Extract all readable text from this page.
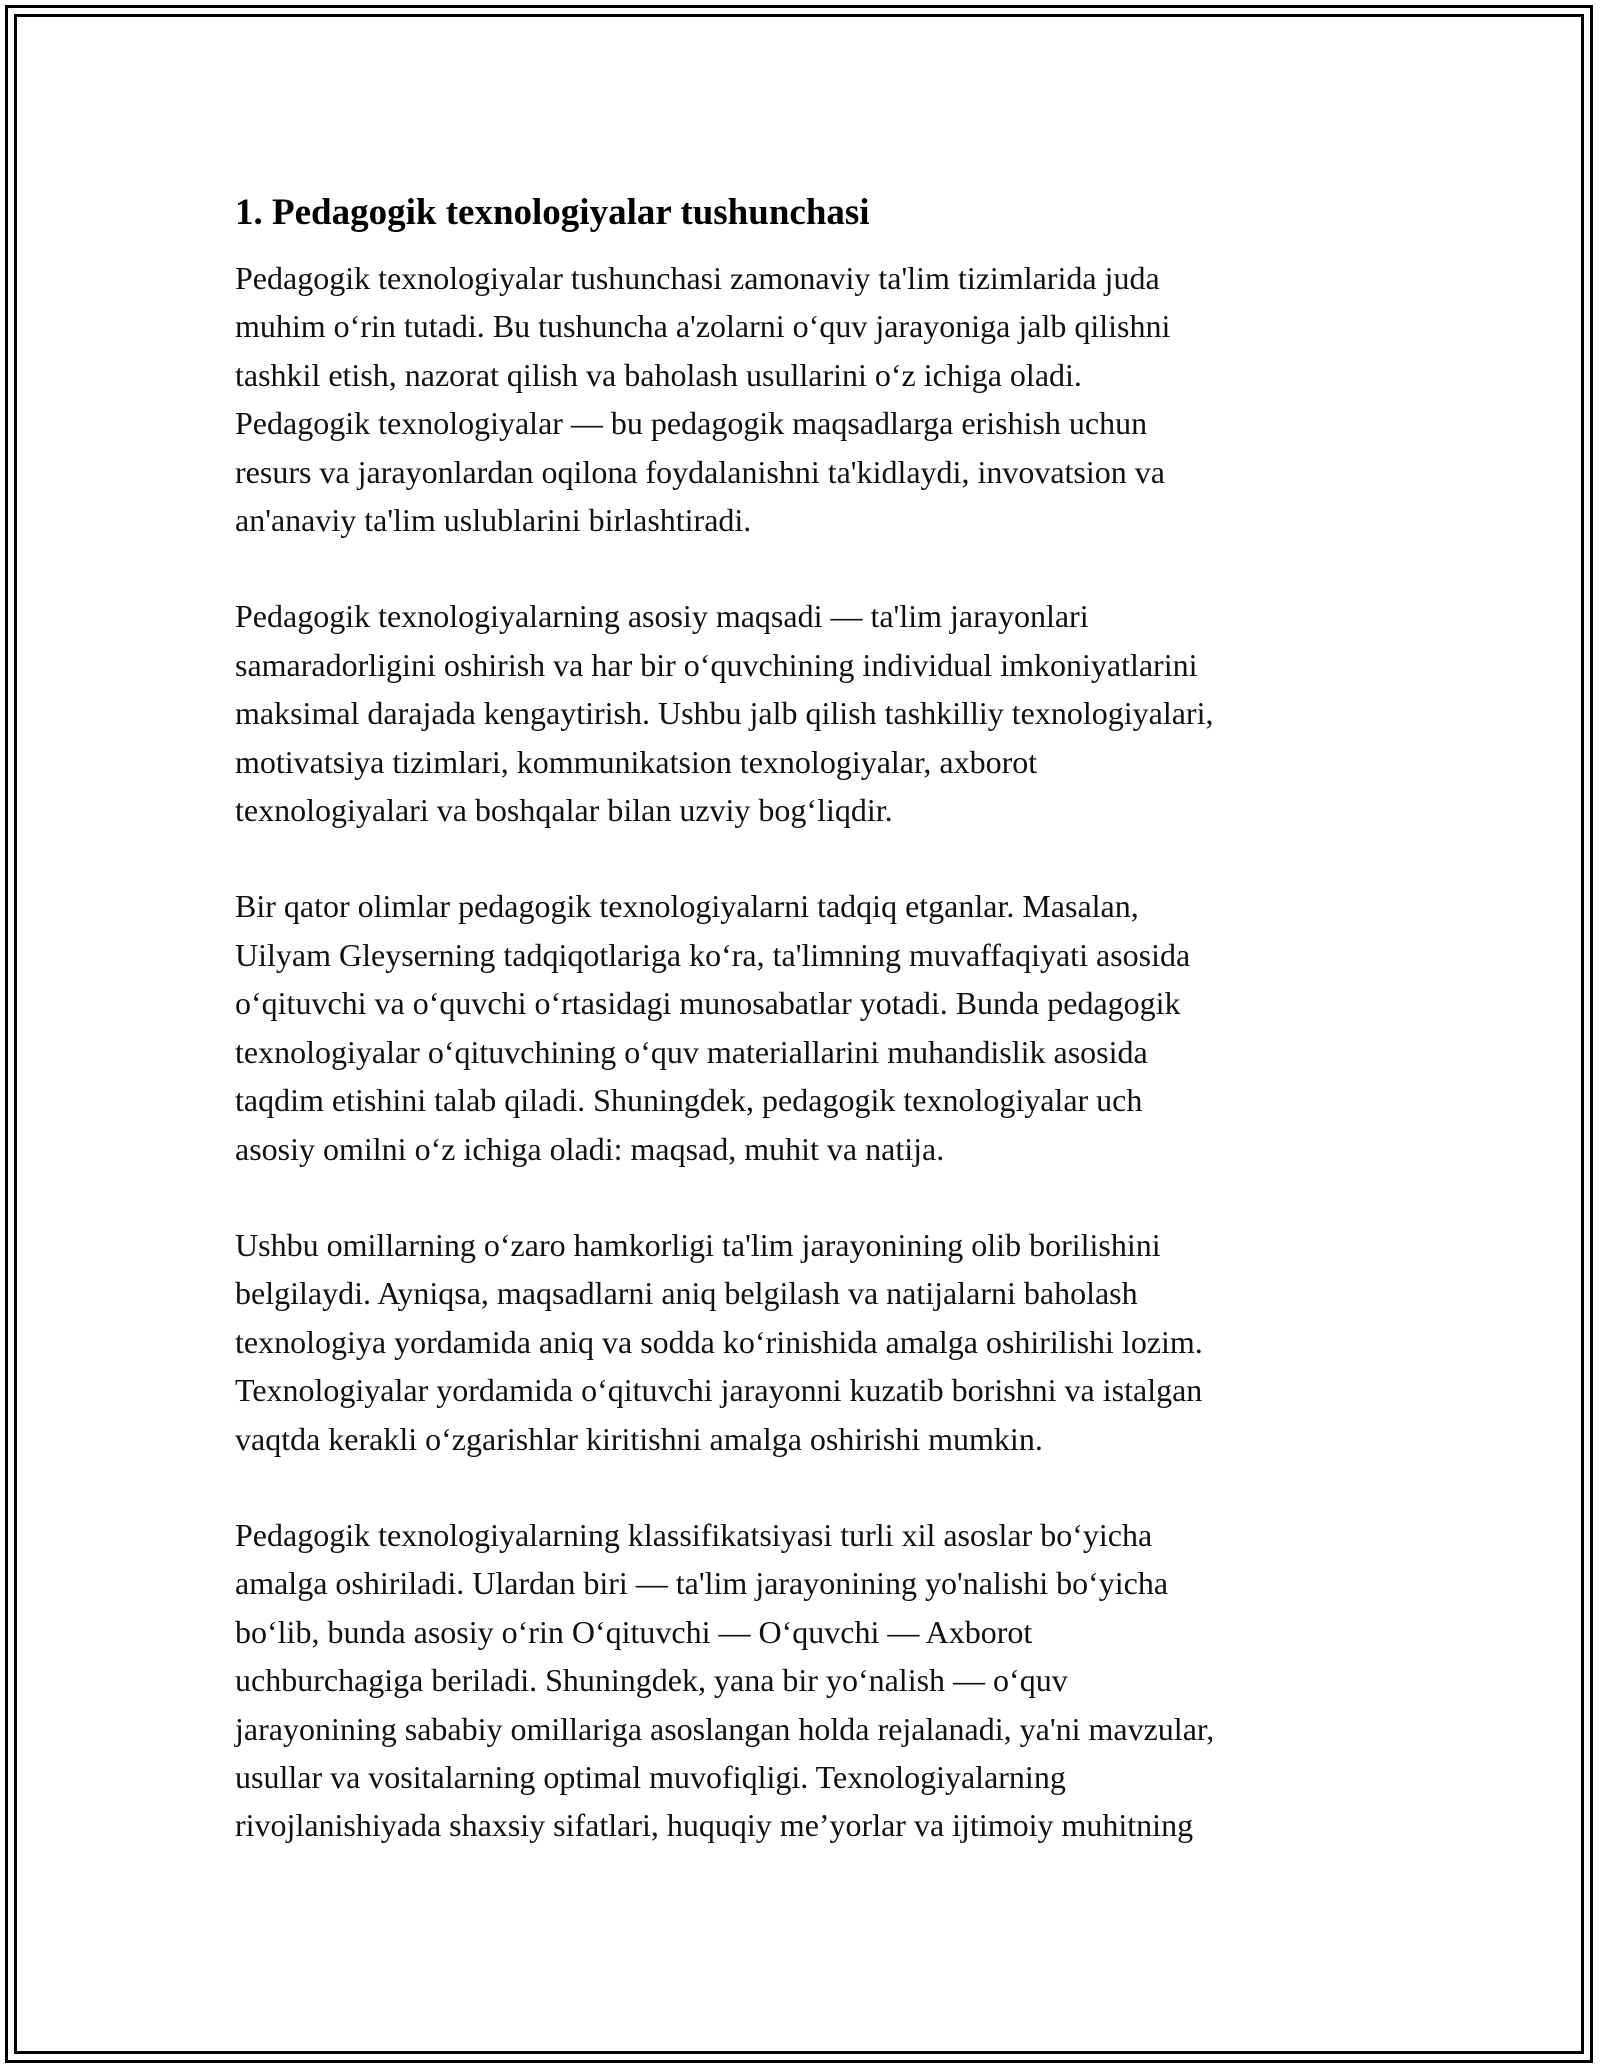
1. Pedagogik texnologiyalar tushunchasi

Pedagogik texnologiyalar tushunchasi zamonaviy ta'lim tizimlarida juda
muhim o‘rin tutadi. Bu tushuncha a'zolarni o‘quv jarayoniga jalb qilishni
tashkil etish, nazorat qilish va baholash usullarini o‘z ichiga oladi.
Pedagogik texnologiyalar — bu pedagogik maqsadlarga erishish uchun
resurs va jarayonlardan oqilona foydalanishni ta'kidlaydi, invovatsion va
an'anaviy ta'lim uslublarini birlashtiradi.

Pedagogik texnologiyalarning asosiy maqsadi — ta'lim jarayonlari
samaradorligini oshirish va har bir o‘quvchining individual imkoniyatlarini
maksimal darajada kengaytirish. Ushbu jalb qilish tashkilliy texnologiyalari,
motivatsiya tizimlari, kommunikatsion texnologiyalar, axborot
texnologiyalari va boshqalar bilan uzviy bog‘liqdir.

Bir qator olimlar pedagogik texnologiyalarni tadqiq etganlar. Masalan,
Uilyam Gleyserning tadqiqotlariga ko‘ra, ta'limning muvaffaqiyati asosida
o‘qituvchi va o‘quvchi o‘rtasidagi munosabatlar yotadi. Bunda pedagogik
texnologiyalar o‘qituvchining o‘quv materiallarini muhandislik asosida
taqdim etishini talab qiladi. Shuningdek, pedagogik texnologiyalar uch
asosiy omilni o‘z ichiga oladi: maqsad, muhit va natija.

Ushbu omillarning o‘zaro hamkorligi ta'lim jarayonining olib borilishini
belgilaydi. Ayniqsa, maqsadlarni aniq belgilash va natijalarni baholash
texnologiya yordamida aniq va sodda ko‘rinishida amalga oshirilishi lozim.
Texnologiyalar yordamida o‘qituvchi jarayonni kuzatib borishni va istalgan
vaqtda kerakli o‘zgarishlar kiritishni amalga oshirishi mumkin.

Pedagogik texnologiyalarning klassifikatsiyasi turli xil asoslar bo‘yicha
amalga oshiriladi. Ulardan biri — ta'lim jarayonining yo'nalishi bo‘yicha
bo‘lib, bunda asosiy o‘rin O‘qituvchi — O‘quvchi — Axborot
uchburchagiga beriladi. Shuningdek, yana bir yo‘nalish — o‘quv
jarayonining sababiy omillariga asoslangan holda rejalanadi, ya'ni mavzular,
usullar va vositalarning optimal muvofiqligi. Texnologiyalarning
rivojlanishiyada shaxsiy sifatlari, huquqiy me’yorlar va ijtimoiy muhitning
